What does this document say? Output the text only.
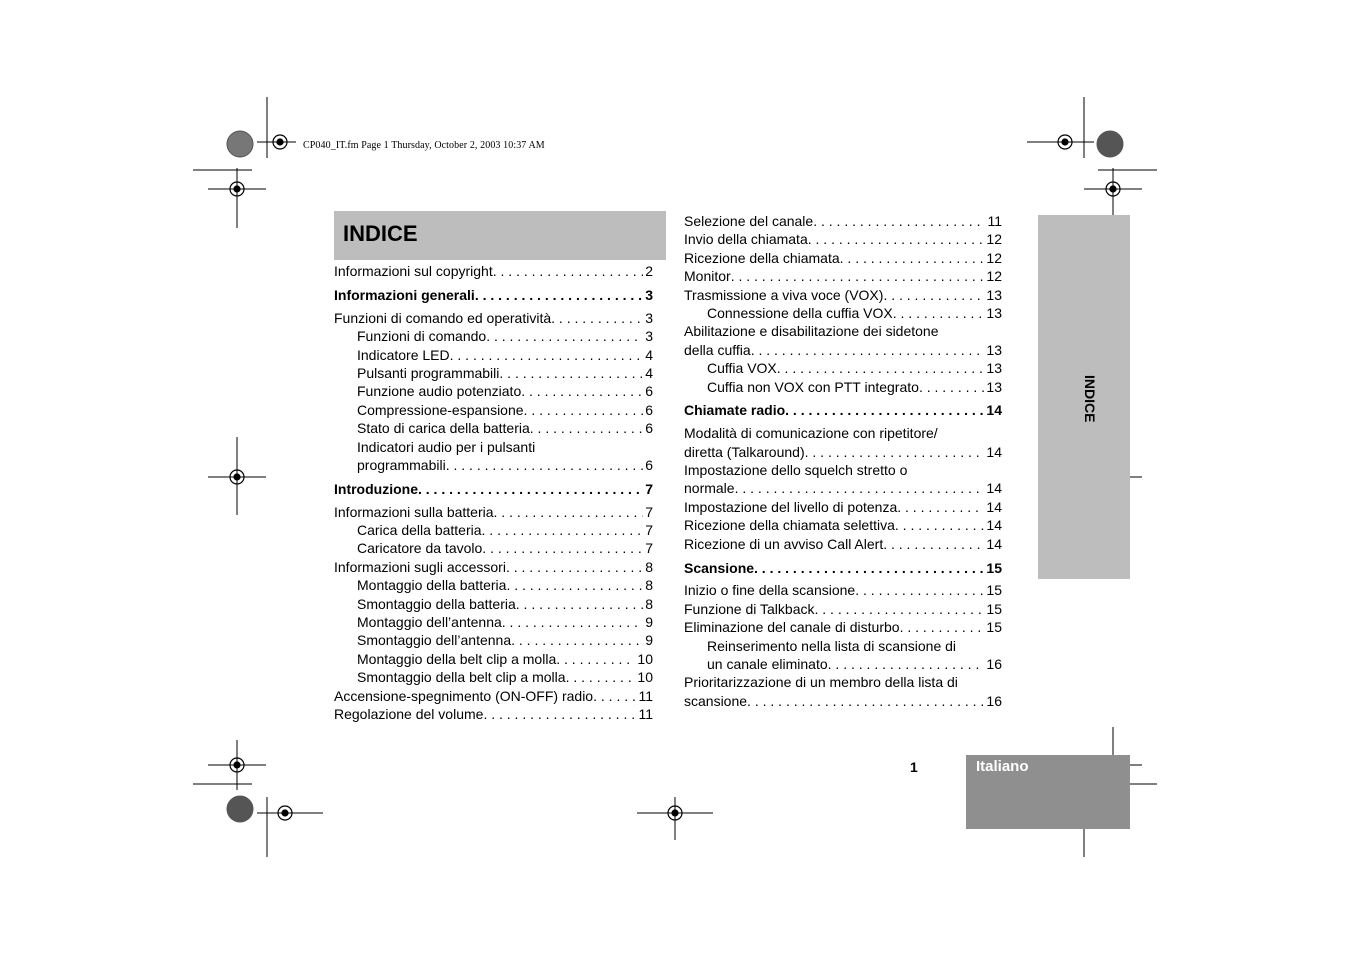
CP040_IT.fm Page 1 Thursday, October 2, 2003 10:37 AM
INDICE
Informazioni sul copyright . . .	2
Informazioni generali . . .	3
Funzioni di comando ed operatività . . .	3
Funzioni di comando . . .	3
Indicatore LED . . .	4
Pulsanti programmabili . . .	4
Funzione audio potenziato . . .	6
Compressione-espansione . . .	6
Stato di carica della batteria . . .	6
Indicatori audio per i pulsanti
programmabili . . .	6
Introduzione . . .	7
Informazioni sulla batteria . . .	7
Carica della batteria . . .	7
Caricatore da tavolo . . .	7
Informazioni sugli accessori . . .	8
Montaggio della batteria . . .	8
Smontaggio della batteria . . .	8
Montaggio dell’antenna . . .	9
Smontaggio dell’antenna . . .	9
Montaggio della belt clip a molla . . .	10
Smontaggio della belt clip a molla . . .	10
Accensione-spegnimento (ON-OFF) radio . . .	11
Regolazione del volume . . .	11
Selezione del canale . . .	11
Invio della chiamata . . .	12
Ricezione della chiamata . . .	12
Monitor . . .	12
Trasmissione a viva voce (VOX) . . .	13
Connessione della cuffia VOX . . .	13
Abilitazione e disabilitazione dei sidetone
della cuffia . . .	13
Cuffia VOX . . .	13
Cuffia non VOX con PTT integrato . . .	13
Chiamate radio . . .	14
Modalità di comunicazione con ripetitore/
diretta (Talkaround) . . .	14
Impostazione dello squelch stretto o
normale . . .	14
Impostazione del livello di potenza . . .	14
Ricezione della chiamata selettiva . . .	14
Ricezione di un avviso Call Alert . . .	14
Scansione . . .	15
Inizio o fine della scansione . . .	15
Funzione di Talkback . . .	15
Eliminazione del canale di disturbo . . .	15
Reinserimento nella lista di scansione di
un canale eliminato . . .	16
Prioritarizzazione di un membro della lista di
scansione . . .	16
INDICE
1	Italiano
